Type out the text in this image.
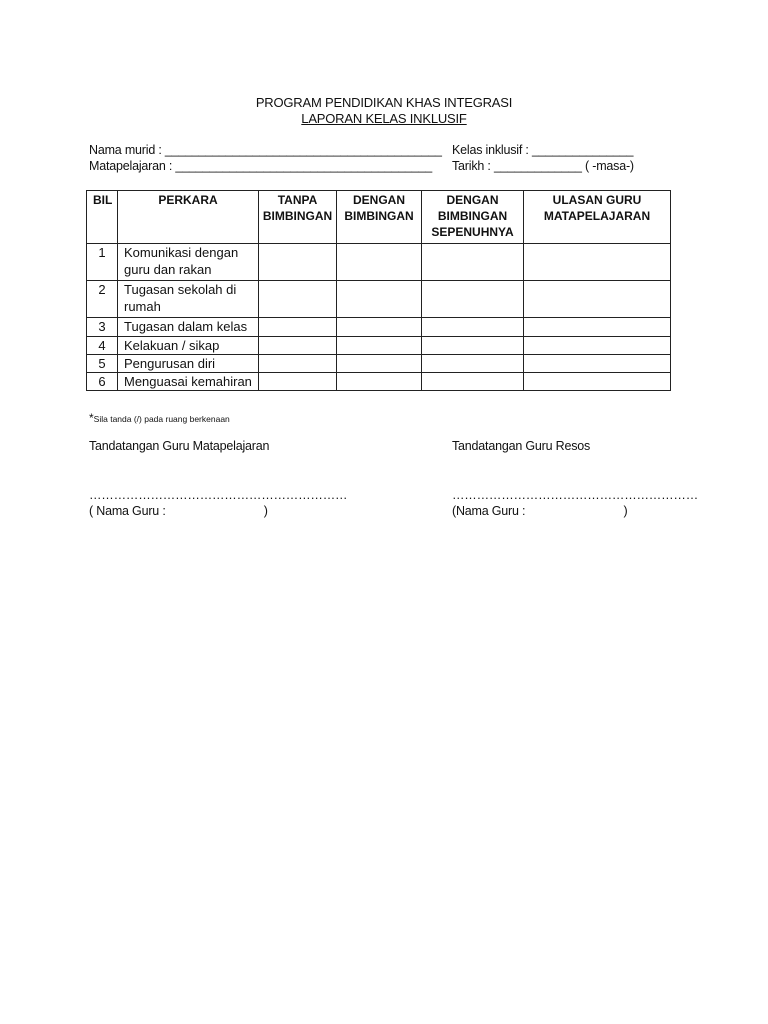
PROGRAM PENDIDIKAN KHAS INTEGRASI
LAPORAN KELAS INKLUSIF
Nama murid : _________________________________________ Kelas inklusif : _______________
Matapelajaran : ______________________________________ Tarikh : _____________ ( -masa-)
BIL	PERKARA	TANPA BIMBINGAN	DENGAN BIMBINGAN	DENGAN BIMBINGAN SEPENUHNYA	ULASAN GURU MATAPELAJARAN
1	Komunikasi dengan guru dan rakan				
2	Tugasan sekolah di rumah				
3	Tugasan dalam kelas				
4	Kelakuan / sikap				
5	Pengurusan diri				
6	Menguasai kemahiran				
*Sila tanda (/) pada ruang berkenaan
Tandatangan Guru Matapelajaran	Tandatangan Guru Resos
………………………………………………………	……………………………………………………
( Nama Guru :                              )	(Nama Guru :                              )
